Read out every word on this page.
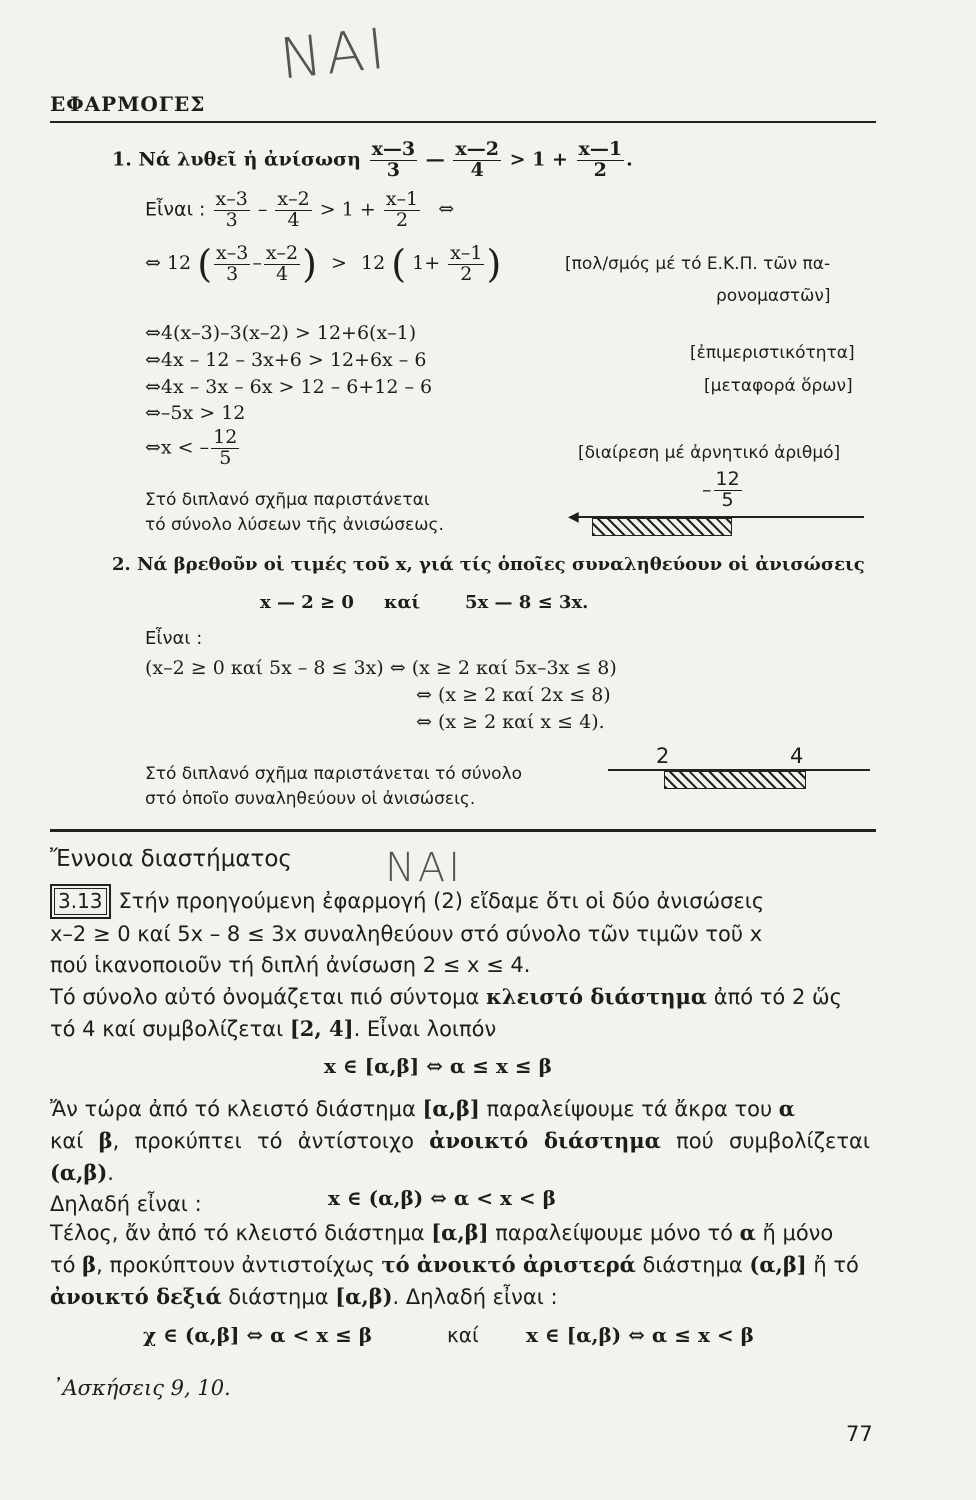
ΝΑΙ
ΕΦΑΡΜΟΓΕΣ
1. Νά λυθεῖ ἡ ἀνίσωση $\frac{x—3}{3}$ — $\frac{x—2}{4} > 1 + \frac{x—1}{2}$ .
Εἶναι : $\frac{x-3}{3} - \frac{x-2}{4} > 1 + \frac{x-1}{2}$ ⇔
⇔ 12 ( $\frac{x-3}{3} - \frac{x-2}{4}$ ) > 12 ( $1+ \frac{x-1}{2}$ )	[πολ/σμός μέ τό Ε.Κ.Π. τῶν πα-
ρονομαστῶν]
⇔4(x–3)–3(x–2) > 12+6(x–1)
⇔4x – 12 – 3x+6 > 12+6x – 6	[ἐπιμεριστικότητα]
⇔4x – 3x – 6x > 12 – 6+12 – 6	[μεταφορά ὅρων]
⇔–5x > 12
⇔x < – $\frac{12}{5}$	[διαίρεση μέ ἀρνητικό ἀριθμό]
Στό διπλανό σχῆμα παριστάνεται
τό σύνολο λύσεων τῆς ἀνισώσεως.
– $\frac{12}{5}$
◀
2. Νά βρεθοῦν οἱ τιμές τοῦ x, γιά τίς ὁποῖες συναληθεύουν οἱ ἀνισώσεις
x — 2 ≥ 0 καί 5x — 8 ≤ 3x.
Εἶναι :
(x–2 ≥ 0 καί 5x – 8 ≤ 3x) ⇔ (x ≥ 2 καί 5x–3x ≤ 8)
⇔ (x ≥ 2 καί 2x ≤ 8)
⇔ (x ≥ 2 καί x ≤ 4).
Στό διπλανό σχῆμα παριστάνεται τό σύνολο
στό ὁποῖο συναληθεύουν οἱ ἀνισώσεις.
2	4
Ἔννοια διαστήματος ΝΑΙ
3.13 Στήν προηγούμενη ἐφαρμογή (2) εἴδαμε ὅτι οἱ δύο ἀνισώσεις
x–2 ≥ 0 καί 5x – 8 ≤ 3x συναληθεύουν στό σύνολο τῶν τιμῶν τοῦ x
πού ἱκανοποιοῦν τή διπλή ἀνίσωση 2 ≤ x ≤ 4.
Τό σύνολο αὐτό ὀνομάζεται πιό σύντομα κλειστό διάστημα ἀπό τό 2 ὥς
τό 4 καί συμβολίζεται [2, 4]. Εἶναι λοιπόν
x ∈ [α,β] ⇔ α ≤ x ≤ β
Ἄν τώρα ἀπό τό κλειστό διάστημα [α,β] παραλείψουμε τά ἄκρα του α
καί β, προκύπτει τό ἀντίστοιχο ἀνοικτό διάστημα πού συμβολίζεται (α,β).
Δηλαδή εἶναι :	x ∈ (α,β) ⇔ α < x < β
Τέλος, ἄν ἀπό τό κλειστό διάστημα [α,β] παραλείψουμε μόνο τό α ἤ μόνο
τό β, προκύπτουν ἀντιστοίχως τό ἀνοικτό ἀριστερά διάστημα (α,β] ἤ τό
ἀνοικτό δεξιά διάστημα [α,β). Δηλαδή εἶναι :
χ ∈ (α,β] ⇔ α < x ≤ β	καί x ∈ [α,β) ⇔ α ≤ x < β
᾿Ασκήσεις 9, 10.
77
